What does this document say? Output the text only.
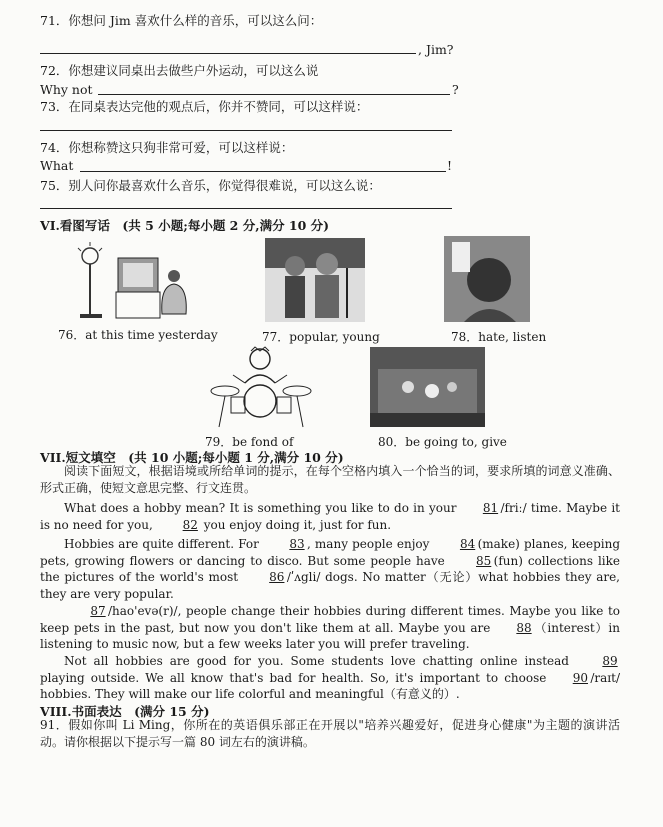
71．你想问 Jim 喜欢什么样的音乐，可以这么问：
, Jim?
72．你想建议同桌出去做些户外运动，可以这么说
Why not	?
73．在同桌表达完他的观点后，你并不赞同，可以这样说：
74．你想称赞这只狗非常可爱，可以这样说：
What	!
75．别人问你最喜欢什么音乐，你觉得很难说，可以这么说：
VI.看图写话　(共 5 小题;每小题 2 分,满分 10 分)
76．at this time yesterday	77．popular, young	78．hate, listen
79．be fond of	80．be going to, give
VII.短文填空　(共 10 小题;每小题 1 分,满分 10 分)
阅读下面短文，根据语境或所给单词的提示，在每个空格内填入一个恰当的词，要求所填的词意义准确、形式正确，使短文意思完整、行文连贯。
What does a hobby mean? It is something you like to do in your 81 /friː/ time. Maybe it is no need for you, 82 you enjoy doing it, just for fun.
Hobbies are quite different. For	83 , many people enjoy	84 (make) planes, keeping pets, growing flowers or dancing to disco. But some people have	85 (fun) collections like the pictures of the world's most	86 /ʹʌgli/ dogs. No matter（无论）what hobbies they are, they are very popular.
87 /hao'evə(r)/, people change their hobbies during different times. Maybe you like to keep pets in the past, but now you don't like them at all. Maybe you are 88 （interest）in listening to music now, but a few weeks later you will prefer traveling.
Not all hobbies are good for you. Some students love chatting online instead	89 playing outside. We all know that's bad for health. So, it's important to choose 90 /raɪt/ hobbies. They will make our life colorful and meaningful（有意义的）.
VIII.书面表达　(满分 15 分)
91．假如你叫 Li Ming，你所在的英语俱乐部正在开展以"培养兴趣爱好，促进身心健康"为主题的演讲活动。请你根据以下提示写一篇 80 词左右的演讲稿。
